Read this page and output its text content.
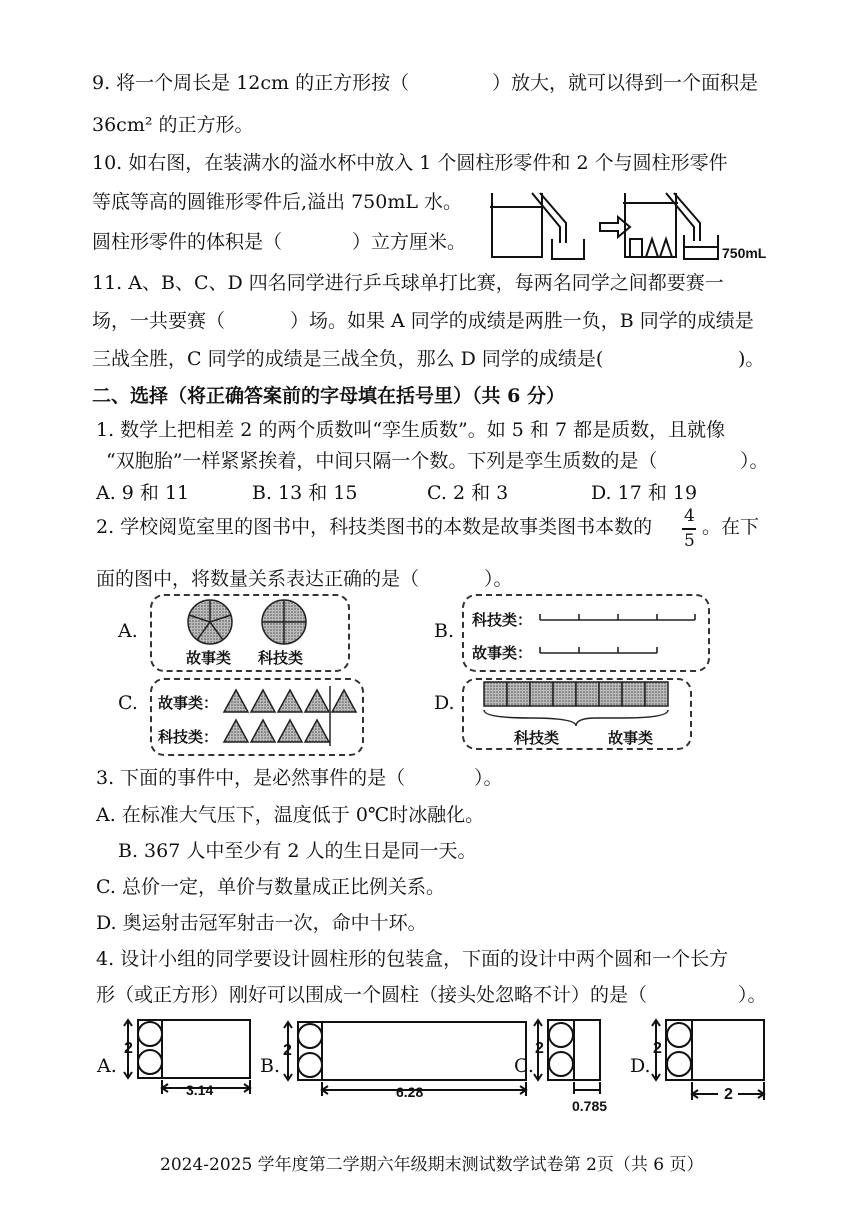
9. 将一个周长是 12cm 的正方形按（	）放大，就可以得到一个面积是
36cm² 的正方形。
10. 如右图，在装满水的溢水杯中放入 1 个圆柱形零件和 2 个与圆柱形零件
等底等高的圆锥形零件后,溢出 750mL 水。
圆柱形零件的体积是（	）立方厘米。	750mL
11. A、B、C、D 四名同学进行乒乓球单打比赛，每两名同学之间都要赛一
场，一共要赛（	）场。如果 A 同学的成绩是两胜一负，B 同学的成绩是
三战全胜，C 同学的成绩是三战全负，那么 D 同学的成绩是(	)。
二、选择（将正确答案前的字母填在括号里）（共 6 分）
1. 数学上把相差 2 的两个质数叫“孪生质数”。如 5 和 7 都是质数，且就像
“双胞胎”一样紧紧挨着，中间只隔一个数。下列是孪生质数的是（	）。
A. 9 和 11	B. 13 和 15	C. 2 和 3	D. 17 和 19
2. 学校阅览室里的图书中，科技类图书的本数是故事类图书本数的 4
5
。在下
面的图中，将数量关系表达正确的是（	）。
A.
故事类 科技类
B. 科技类：
故事类：
C. 故事类：
科技类：
D.
科技类	故事类
3. 下面的事件中，是必然事件的是（	）。
A. 在标准大气压下，温度低于 0℃时冰融化。
B. 367 人中至少有 2 人的生日是同一天。
C. 总价一定，单价与数量成正比例关系。
D. 奥运射击冠军射击一次，命中十环。
4. 设计小组的同学要设计圆柱形的包装盒，下面的设计中两个圆和一个长方
形（或正方形）刚好可以围成一个圆柱（接头处忽略不计）的是（	）。
A.
2
3.14
B.
2
6.28
C.
2
0.785
D.
2
2
2024-2025 学年度第二学期六年级期末测试数学试卷第 2页（共 6 页）
